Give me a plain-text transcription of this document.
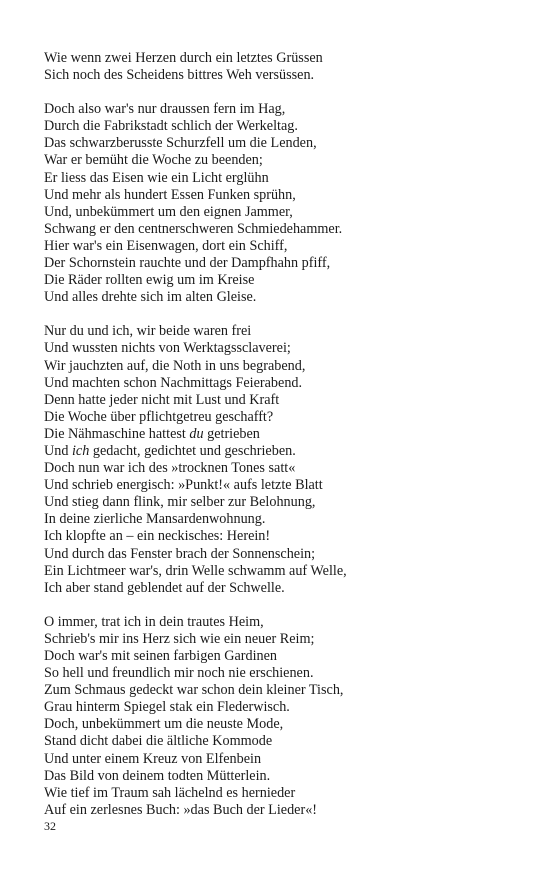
Wie wenn zwei Herzen durch ein letztes Grüssen
Sich noch des Scheidens bittres Weh versüssen.
Doch also war's nur draussen fern im Hag,
Durch die Fabrikstadt schlich der Werkeltag.
Das schwarzberusste Schurzfell um die Lenden,
War er bemüht die Woche zu beenden;
Er liess das Eisen wie ein Licht erglühn
Und mehr als hundert Essen Funken sprühn,
Und, unbekümmert um den eignen Jammer,
Schwang er den centnerschweren Schmiedehammer.
Hier war's ein Eisenwagen, dort ein Schiff,
Der Schornstein rauchte und der Dampfhahn pfiff,
Die Räder rollten ewig um im Kreise
Und alles drehte sich im alten Gleise.
Nur du und ich, wir beide waren frei
Und wussten nichts von Werktagssclaverei;
Wir jauchzten auf, die Noth in uns begrabend,
Und machten schon Nachmittags Feierabend.
Denn hatte jeder nicht mit Lust und Kraft
Die Woche über pflichtgetreu geschafft?
Die Nähmaschine hattest du getrieben
Und ich gedacht, gedichtet und geschrieben.
Doch nun war ich des »trocknen Tones satt«
Und schrieb energisch: »Punkt!« aufs letzte Blatt
Und stieg dann flink, mir selber zur Belohnung,
In deine zierliche Mansardenwohnung.
Ich klopfte an – ein neckisches: Herein!
Und durch das Fenster brach der Sonnenschein;
Ein Lichtmeer war's, drin Welle schwamm auf Welle,
Ich aber stand geblendet auf der Schwelle.
O immer, trat ich in dein trautes Heim,
Schrieb's mir ins Herz sich wie ein neuer Reim;
Doch war's mit seinen farbigen Gardinen
So hell und freundlich mir noch nie erschienen.
Zum Schmaus gedeckt war schon dein kleiner Tisch,
Grau hinterm Spiegel stak ein Flederwisch.
Doch, unbekümmert um die neuste Mode,
Stand dicht dabei die ältliche Kommode
Und unter einem Kreuz von Elfenbein
Das Bild von deinem todten Mütterlein.
Wie tief im Traum sah lächelnd es hernieder
Auf ein zerlesnes Buch: »das Buch der Lieder«!
32
